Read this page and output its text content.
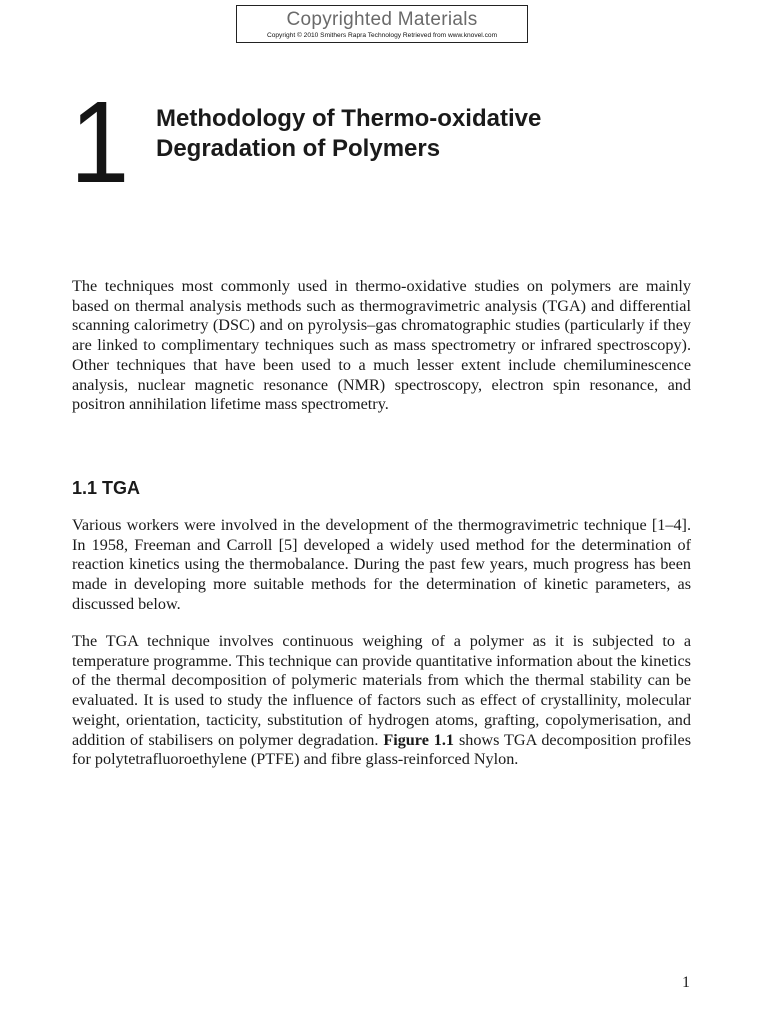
Copyrighted Materials
Copyright © 2010 Smithers Rapra Technology Retrieved from www.knovel.com
1 Methodology of Thermo-oxidative Degradation of Polymers

The techniques most commonly used in thermo-oxidative studies on polymers are mainly based on thermal analysis methods such as thermogravimetric analysis (TGA) and differential scanning calorimetry (DSC) and on pyrolysis–gas chromatographic studies (particularly if they are linked to complimentary techniques such as mass spectrometry or infrared spectroscopy). Other techniques that have been used to a much lesser extent include chemiluminescence analysis, nuclear magnetic resonance (NMR) spectroscopy, electron spin resonance, and positron annihilation lifetime mass spectrometry.

1.1 TGA

Various workers were involved in the development of the thermogravimetric technique [1–4]. In 1958, Freeman and Carroll [5] developed a widely used method for the determination of reaction kinetics using the thermobalance. During the past few years, much progress has been made in developing more suitable methods for the determination of kinetic parameters, as discussed below.

The TGA technique involves continuous weighing of a polymer as it is subjected to a temperature programme. This technique can provide quantitative information about the kinetics of the thermal decomposition of polymeric materials from which the thermal stability can be evaluated. It is used to study the influence of factors such as effect of crystallinity, molecular weight, orientation, tacticity, substitution of hydrogen atoms, grafting, copolymerisation, and addition of stabilisers on polymer degradation. Figure 1.1 shows TGA decomposition profiles for polytetrafluoroethylene (PTFE) and fibre glass-reinforced Nylon.

1
